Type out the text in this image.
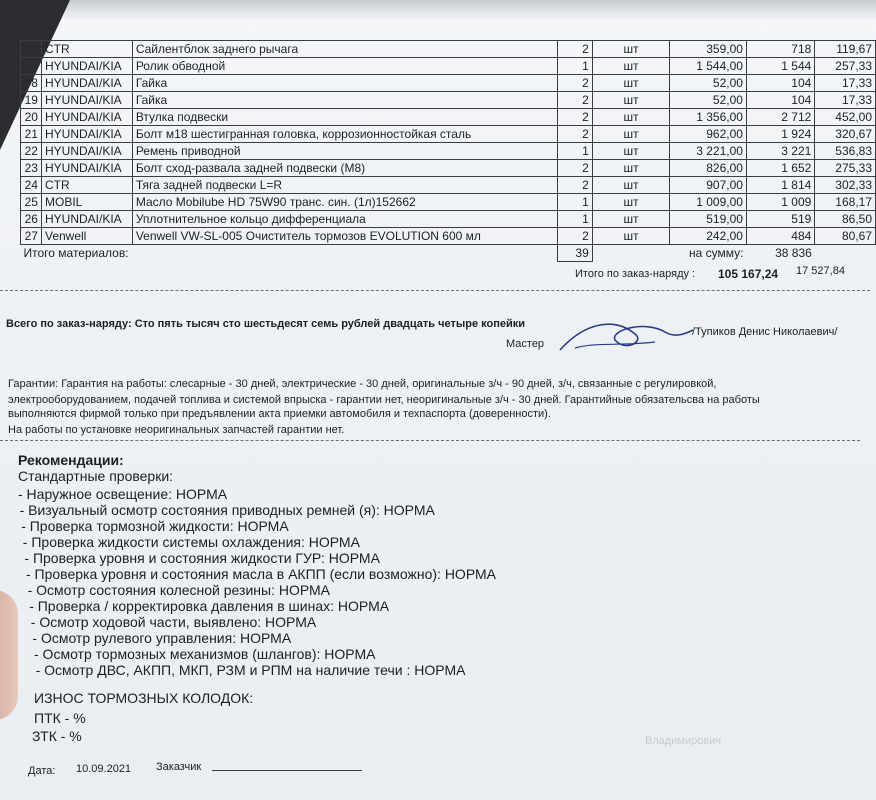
	CTR	Сайлентблок заднего рычага	2	шт	359,00	718	119,67
	HYUNDAI/KIA	Ролик обводной	1	шт	1 544,00	1 544	257,33
8	HYUNDAI/KIA	Гайка	2	шт	52,00	104	17,33
19	HYUNDAI/KIA	Гайка	2	шт	52,00	104	17,33
20	HYUNDAI/KIA	Втулка подвески	2	шт	1 356,00	2 712	452,00
21	HYUNDAI/KIA	Болт м18 шестигранная головка, коррозионностойкая сталь	2	шт	962,00	1 924	320,67
22	HYUNDAI/KIA	Ремень приводной	1	шт	3 221,00	3 221	536,83
23	HYUNDAI/KIA	Болт сход-развала задней подвески (М8)	2	шт	826,00	1 652	275,33
24	CTR	Тяга задней подвески L=R	2	шт	907,00	1 814	302,33
25	MOBIL	Масло Mobilube HD 75W90 транс. син. (1л)152662	1	шт	1 009,00	1 009	168,17
26	HYUNDAI/KIA	Уплотнительное кольцо дифференциала	1	шт	519,00	519	86,50
27	Venwell	Venwell VW-SL-005 Очиститель тормозов EVOLUTION 600 мл	2	шт	242,00	484	80,67
Итого материалов:			39	на сумму:		38 836	
Итого по заказ-наряду : 105 167,24 17 527,84
Всего по заказ-наряду: Сто пять тысяч сто шестьдесят семь рублей двадцать четыре копейки
Мастер
/Тупиков Денис Николаевич/
Гарантии: Гарантия на работы: слесарные - 30 дней, электрические - 30 дней, оригинальные з/ч - 90 дней, з/ч, связанные с регулировкой,
электрооборудованием, подачей топлива и системой впрыска - гарантии нет, неоригинальные з/ч - 30 дней. Гарантийные обязательсва на работы
выполняются фирмой только при предъявлении акта приемки автомобиля и техпаспорта (доверенности).
На работы по установке неоригинальных запчастей гарантии нет.
Рекомендации:
Стандартные проверки:
- Наружное освещение: НОРМА
- Визуальный осмотр состояния приводных ремней (я): НОРМА
- Проверка тормозной жидкости: НОРМА
- Проверка жидкости системы охлаждения: НОРМА
- Проверка уровня и состояния жидкости ГУР: НОРМА
- Проверка уровня и состояния масла в АКПП (если возможно): НОРМА
- Осмотр состояния колесной резины: НОРМА
- Проверка / корректировка давления в шинах: НОРМА
- Осмотр ходовой части, выявлено: НОРМА
- Осмотр рулевого управления: НОРМА
- Осмотр тормозных механизмов (шлангов): НОРМА
- Осмотр ДВС, АКПП, МКП, РЗМ и РПМ на наличие течи : НОРМА
ИЗНОС ТОРМОЗНЫХ КОЛОДОК:
ПТК - %
ЗТК - %	Владимирович
Дата: 10.09.2021 Заказчик
